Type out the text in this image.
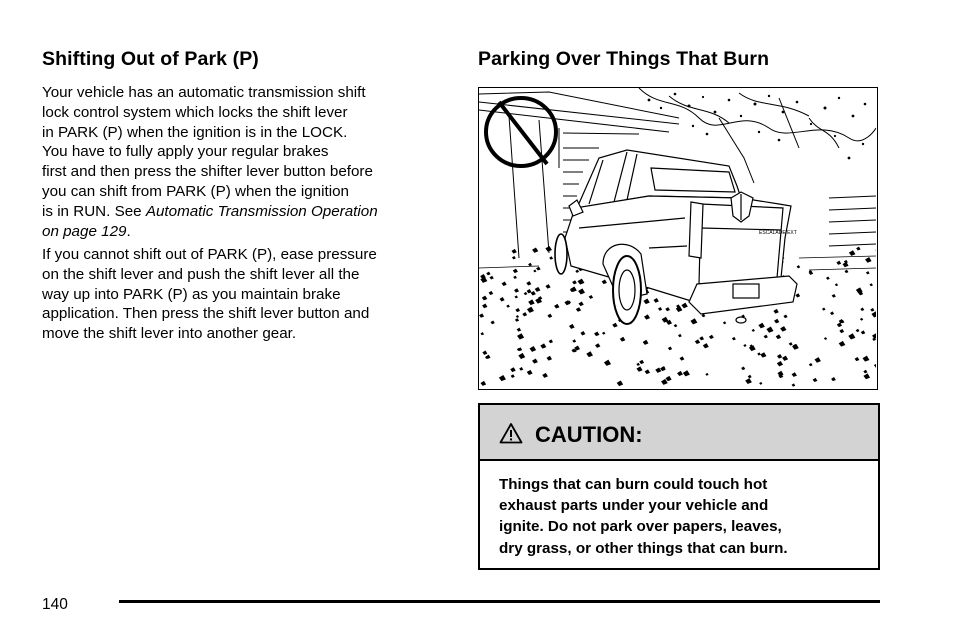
Shifting Out of Park (P)

Your vehicle has an automatic transmission shift
lock control system which locks the shift lever
in PARK (P) when the ignition is in the LOCK.
You have to fully apply your regular brakes
first and then press the shifter lever button before
you can shift from PARK (P) when the ignition
is in RUN. See Automatic Transmission Operation
on page 129.

If you cannot shift out of PARK (P), ease pressure
on the shift lever and push the shift lever all the
way up into PARK (P) as you maintain brake
application. Then press the shift lever button and
move the shift lever into another gear.

Parking Over Things That Burn
ESCALADE EXT
CAUTION:

Things that can burn could touch hot
exhaust parts under your vehicle and
ignite. Do not park over papers, leaves,
dry grass, or other things that can burn.

140
